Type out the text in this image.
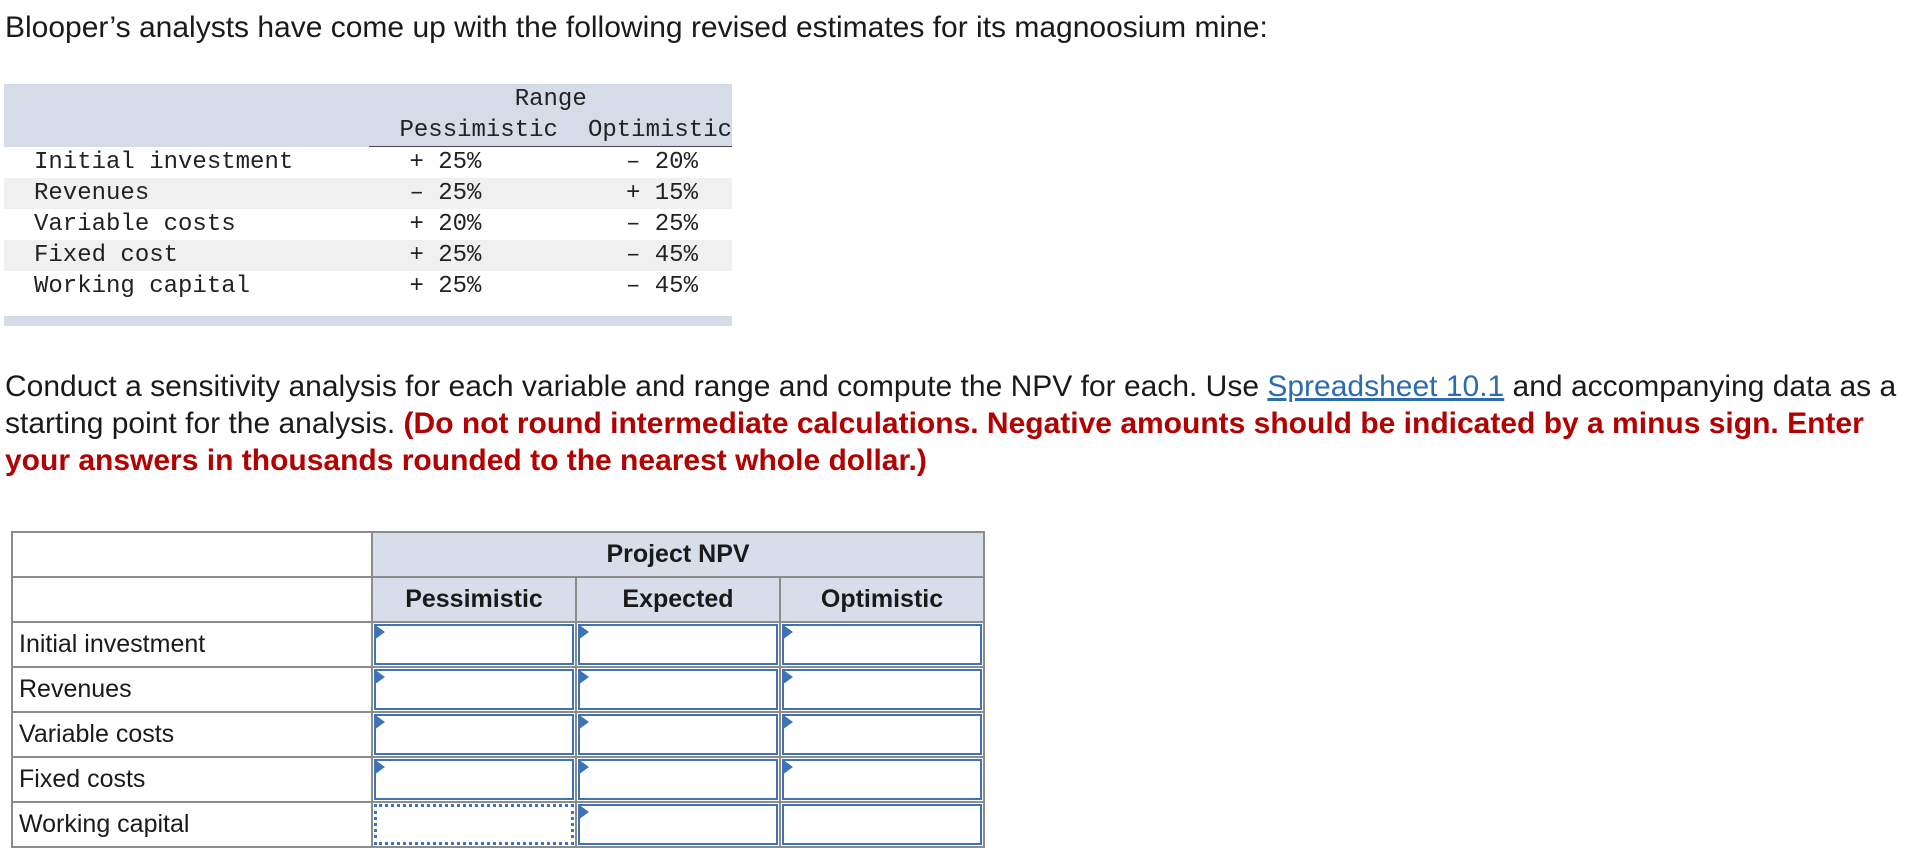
Blooper’s analysts have come up with the following revised estimates for its magnoosium mine:
	Range	
	Pessimistic	Optimistic
Initial investment	+ 25%	– 20%
Revenues	– 25%	+ 15%
Variable costs	+ 20%	– 25%
Fixed cost	+ 25%	– 45%
Working capital	+ 25%	– 45%
Conduct a sensitivity analysis for each variable and range and compute the NPV for each. Use Spreadsheet 10.1 and accompanying data as a starting point for the analysis. (Do not round intermediate calculations. Negative amounts should be indicated by a minus sign. Enter your answers in thousands rounded to the nearest whole dollar.)
	Project NPV		
	Pessimistic	Expected	Optimistic
Initial investment	

Revenues	

Variable costs	

Fixed costs	

Working capital	
